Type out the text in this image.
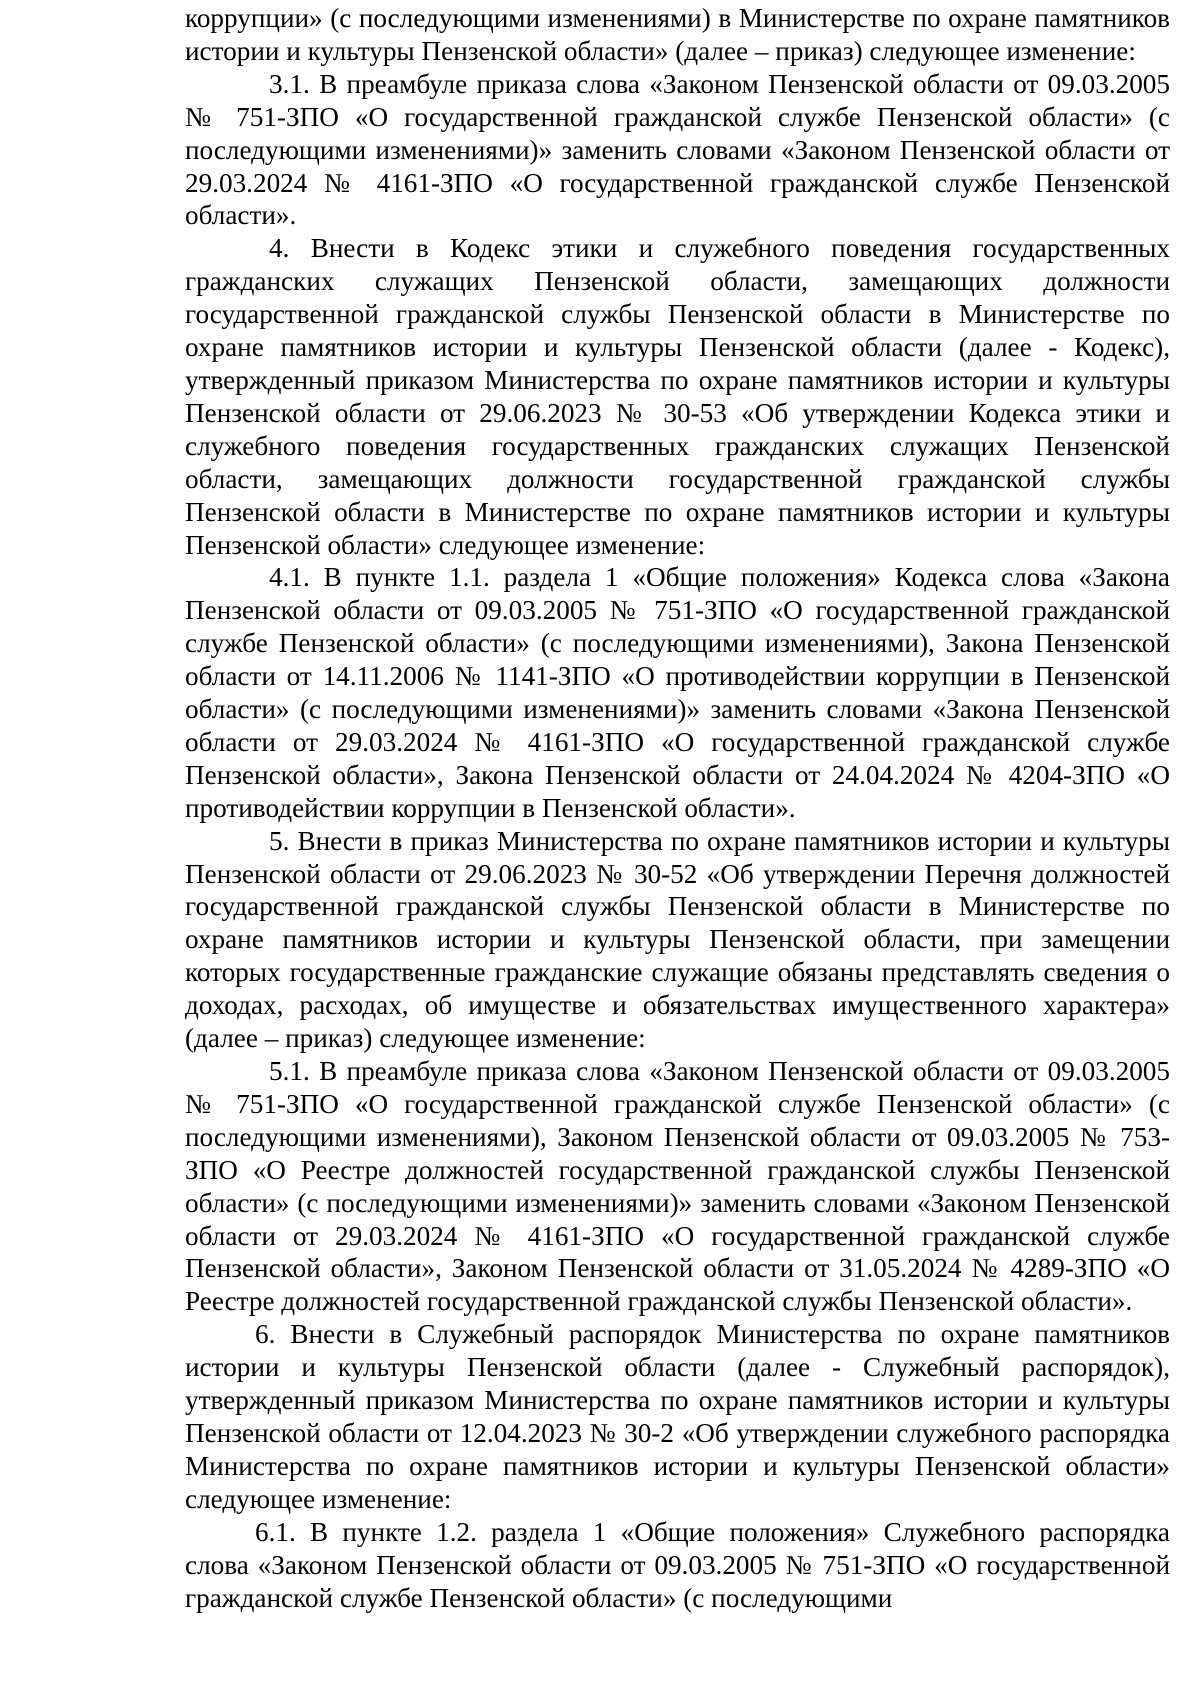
коррупции» (с последующими изменениями) в Министерстве по охране памятников истории и культуры Пензенской области» (далее – приказ) следующее изменение:

3.1. В преамбуле приказа слова «Законом Пензенской области от 09.03.2005 № 751-ЗПО «О государственной гражданской службе Пензенской области» (с последующими изменениями)» заменить словами «Законом Пензенской области от 29.03.2024 № 4161-ЗПО «О государственной гражданской службе Пензенской области».

4. Внести в Кодекс этики и служебного поведения государственных гражданских служащих Пензенской области, замещающих должности государственной гражданской службы Пензенской области в Министерстве по охране памятников истории и культуры Пензенской области (далее - Кодекс), утвержденный приказом Министерства по охране памятников истории и культуры Пензенской области от 29.06.2023 № 30-53 «Об утверждении Кодекса этики и служебного поведения государственных гражданских служащих Пензенской области, замещающих должности государственной гражданской службы Пензенской области в Министерстве по охране памятников истории и культуры Пензенской области» следующее изменение:

4.1. В пункте 1.1. раздела 1 «Общие положения» Кодекса слова «Закона Пензенской области от 09.03.2005 № 751-ЗПО «О государственной гражданской службе Пензенской области» (с последующими изменениями), Закона Пензенской области от 14.11.2006 № 1141-ЗПО «О противодействии коррупции в Пензенской области» (с последующими изменениями)» заменить словами «Закона Пензенской области от 29.03.2024 № 4161-ЗПО «О государственной гражданской службе Пензенской области», Закона Пензенской области от 24.04.2024 № 4204-ЗПО «О противодействии коррупции в Пензенской области».

5. Внести в приказ Министерства по охране памятников истории и культуры Пензенской области от 29.06.2023 № 30-52 «Об утверждении Перечня должностей государственной гражданской службы Пензенской области в Министерстве по охране памятников истории и культуры Пензенской области, при замещении которых государственные гражданские служащие обязаны представлять сведения о доходах, расходах, об имуществе и обязательствах имущественного характера» (далее – приказ) следующее изменение:

5.1. В преамбуле приказа слова «Законом Пензенской области от 09.03.2005 № 751-ЗПО «О государственной гражданской службе Пензенской области» (с последующими изменениями), Законом Пензенской области от 09.03.2005 № 753-ЗПО «О Реестре должностей государственной гражданской службы Пензенской области» (с последующими изменениями)» заменить словами «Законом Пензенской области от 29.03.2024 № 4161-ЗПО «О государственной гражданской службе Пензенской области», Законом Пензенской области от 31.05.2024 № 4289-ЗПО «О Реестре должностей государственной гражданской службы Пензенской области».

6. Внести в Служебный распорядок Министерства по охране памятников истории и культуры Пензенской области (далее - Служебный распорядок), утвержденный приказом Министерства по охране памятников истории и культуры Пензенской области от 12.04.2023 № 30-2 «Об утверждении служебного распорядка Министерства по охране памятников истории и культуры Пензенской области» следующее изменение:

6.1. В пункте 1.2. раздела 1 «Общие положения» Служебного распорядка слова «Законом Пензенской области от 09.03.2005 № 751-ЗПО «О государственной гражданской службе Пензенской области» (с последующими
